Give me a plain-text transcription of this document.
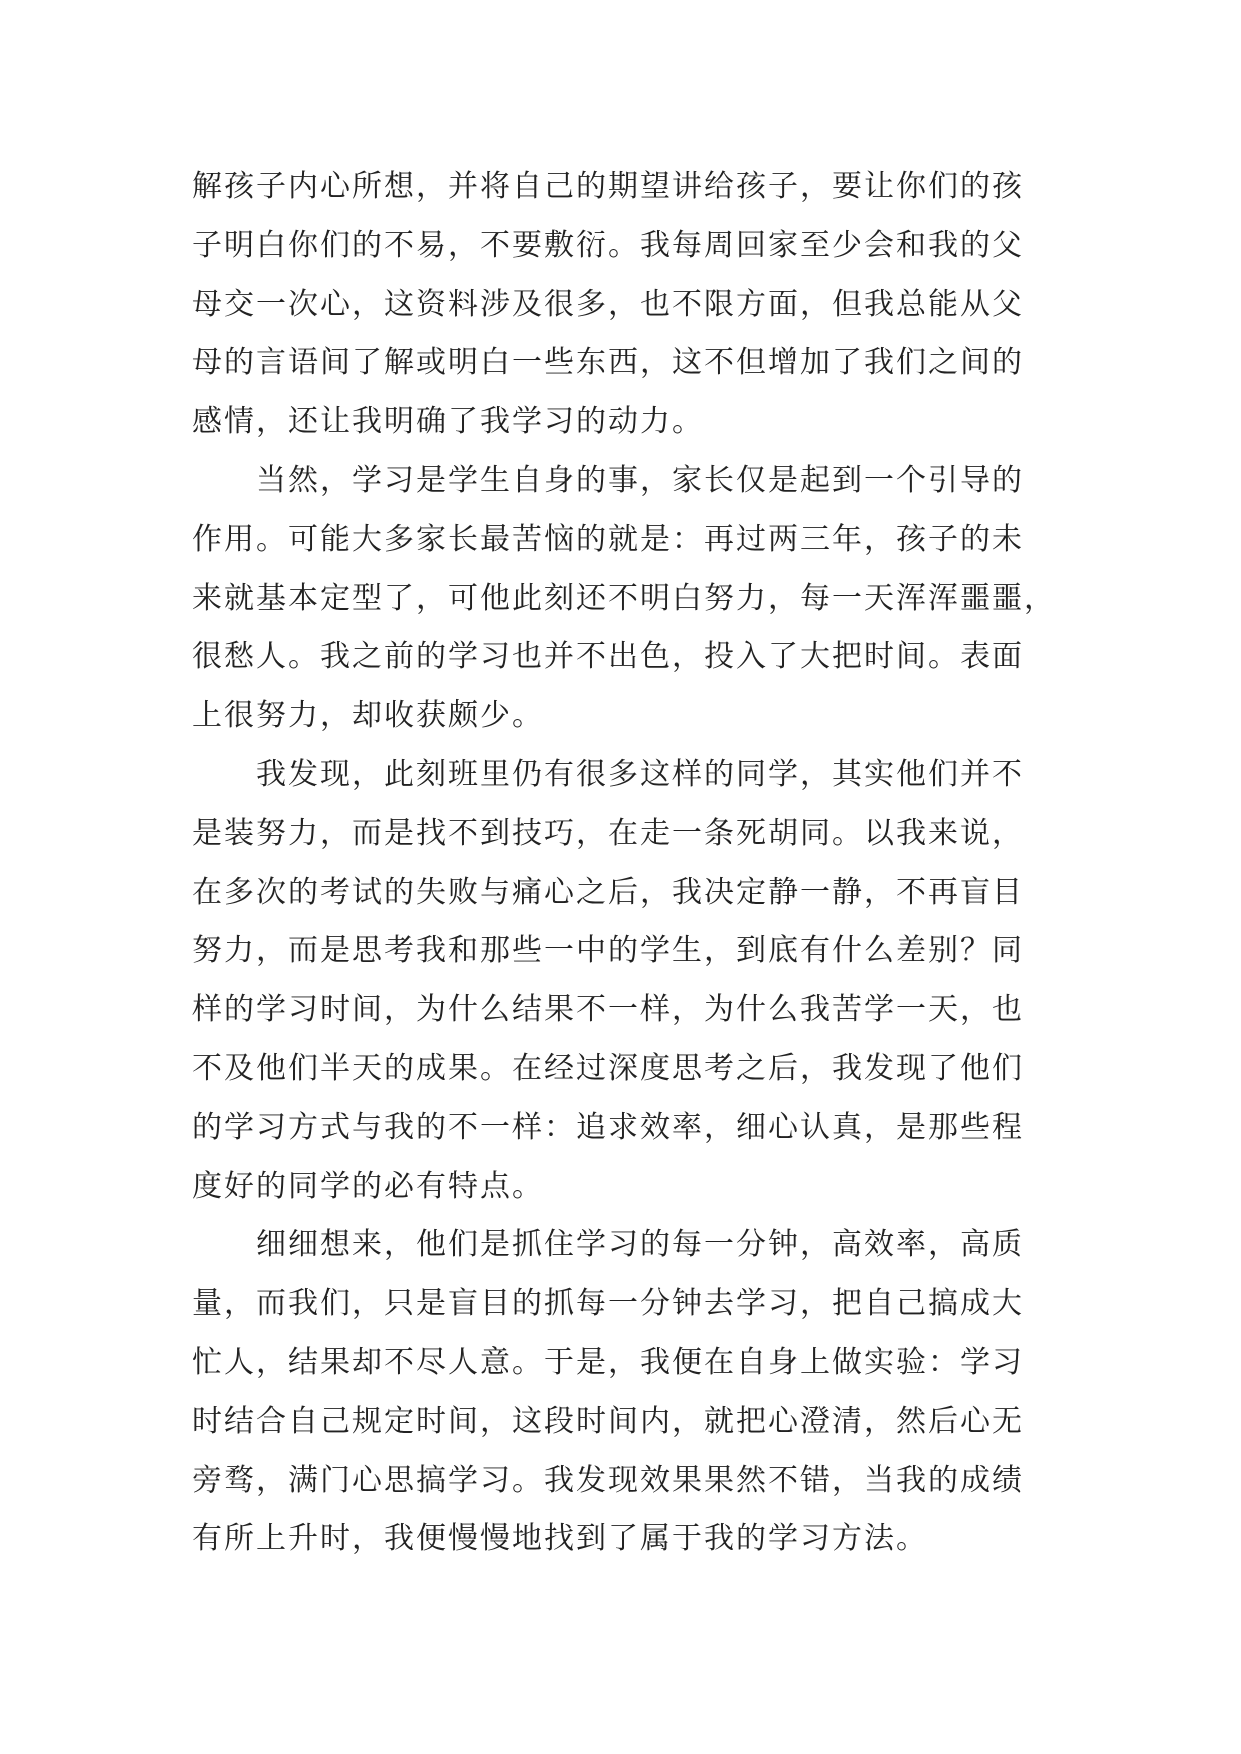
解孩子内心所想，并将自己的期望讲给孩子，要让你们的孩
子明白你们的不易，不要敷衍。我每周回家至少会和我的父
母交一次心，这资料涉及很多，也不限方面，但我总能从父
母的言语间了解或明白一些东西，这不但增加了我们之间的
感情，还让我明确了我学习的动力。
当然，学习是学生自身的事，家长仅是起到一个引导的
作用。可能大多家长最苦恼的就是：再过两三年，孩子的未
来就基本定型了，可他此刻还不明白努力，每一天浑浑噩噩，
很愁人。我之前的学习也并不出色，投入了大把时间。表面
上很努力，却收获颇少。
我发现，此刻班里仍有很多这样的同学，其实他们并不
是装努力，而是找不到技巧，在走一条死胡同。以我来说，
在多次的考试的失败与痛心之后，我决定静一静，不再盲目
努力，而是思考我和那些一中的学生，到底有什么差别？同
样的学习时间，为什么结果不一样，为什么我苦学一天，也
不及他们半天的成果。在经过深度思考之后，我发现了他们
的学习方式与我的不一样：追求效率，细心认真，是那些程
度好的同学的必有特点。
细细想来，他们是抓住学习的每一分钟，高效率，高质
量，而我们，只是盲目的抓每一分钟去学习，把自己搞成大
忙人，结果却不尽人意。于是，我便在自身上做实验：学习
时结合自己规定时间，这段时间内，就把心澄清，然后心无
旁骛，满门心思搞学习。我发现效果果然不错，当我的成绩
有所上升时，我便慢慢地找到了属于我的学习方法。
